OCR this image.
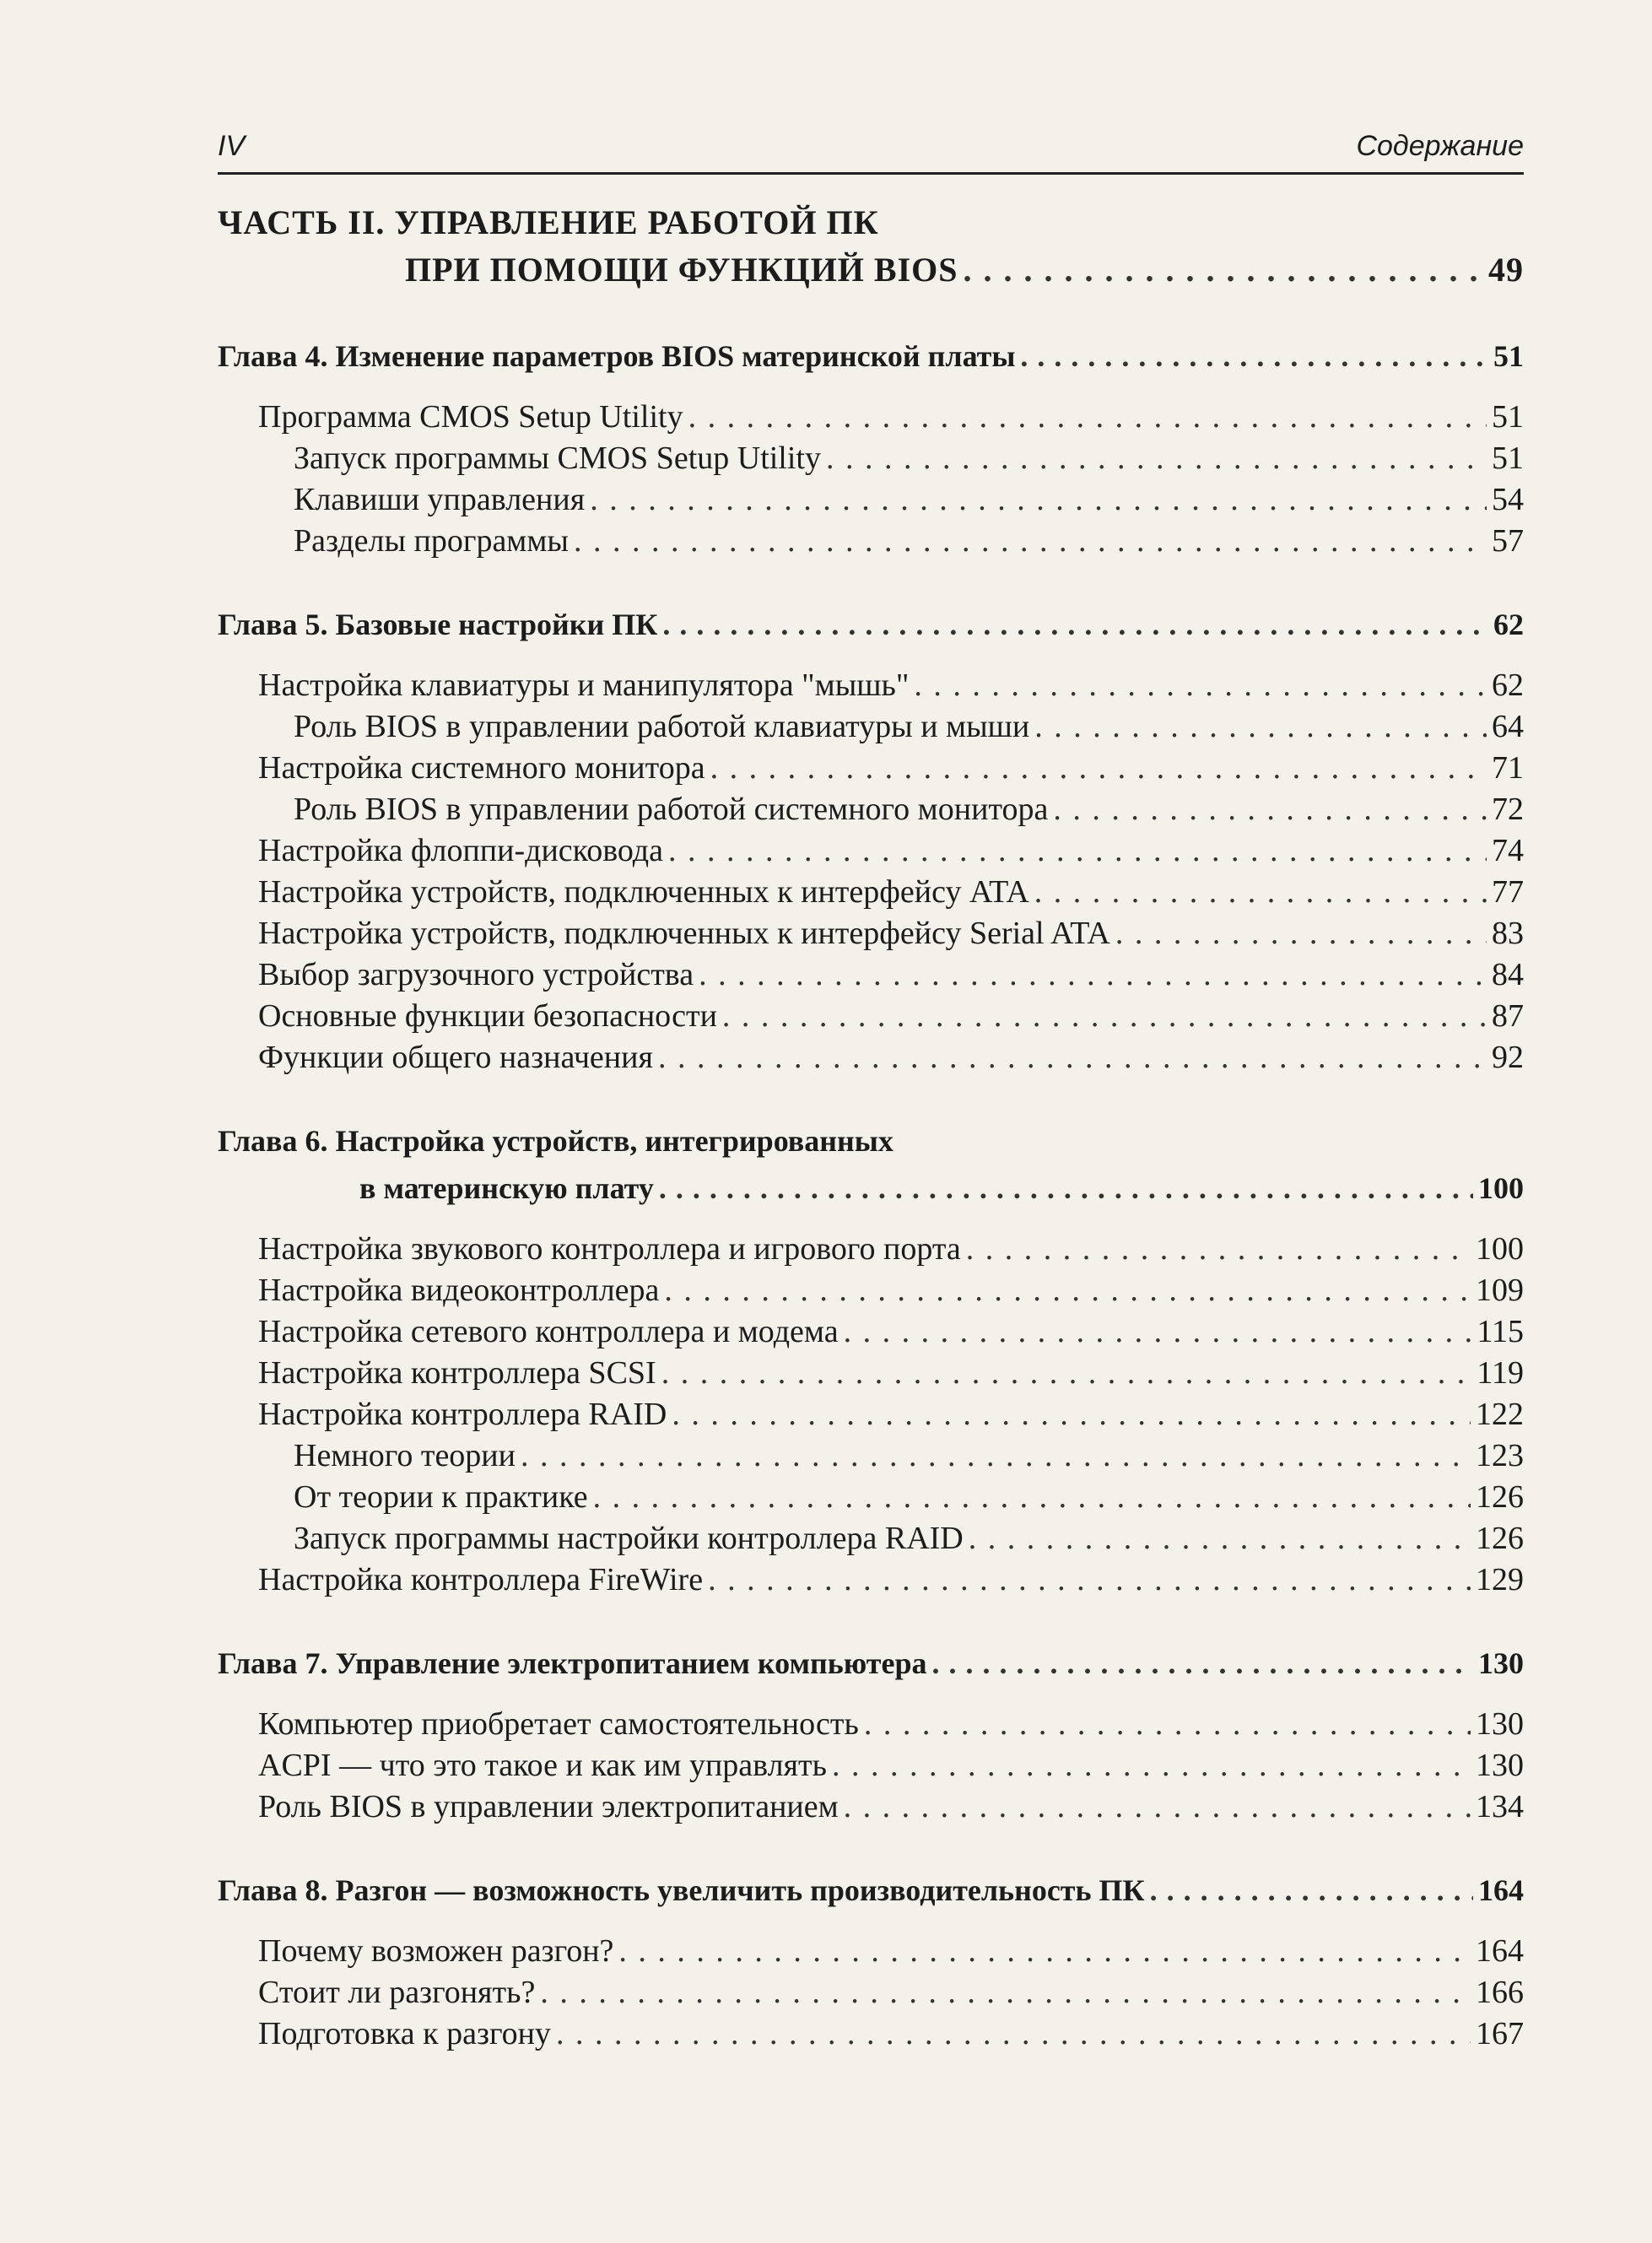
IV	Содержание
ЧАСТЬ II. УПРАВЛЕНИЕ РАБОТОЙ ПК
ПРИ ПОМОЩИ ФУНКЦИЙ BIOS . . .	49
Глава 4. Изменение параметров BIOS материнской платы . . .	51
Программа CMOS Setup Utility . . .	51
Запуск программы CMOS Setup Utility . . .	51
Клавиши управления . . .	54
Разделы программы . . .	57
Глава 5. Базовые настройки ПК . . .	62
Настройка клавиатуры и манипулятора "мышь" . . .	62
Роль BIOS в управлении работой клавиатуры и мыши . . .	64
Настройка системного монитора . . .	71
Роль BIOS в управлении работой системного монитора . . .	72
Настройка флоппи-дисковода . . .	74
Настройка устройств, подключенных к интерфейсу ATA . . .	77
Настройка устройств, подключенных к интерфейсу Serial ATA . . .	83
Выбор загрузочного устройства . . .	84
Основные функции безопасности . . .	87
Функции общего назначения . . .	92
Глава 6. Настройка устройств, интегрированных
в материнскую плату . . .	100
Настройка звукового контроллера и игрового порта . . .	100
Настройка видеоконтроллера . . .	109
Настройка сетевого контроллера и модема . . .	115
Настройка контроллера SCSI . . .	119
Настройка контроллера RAID . . .	122
Немного теории . . .	123
От теории к практике . . .	126
Запуск программы настройки контроллера RAID . . .	126
Настройка контроллера FireWire . . .	129
Глава 7. Управление электропитанием компьютера . . .	130
Компьютер приобретает самостоятельность . . .	130
ACPI — что это такое и как им управлять . . .	130
Роль BIOS в управлении электропитанием . . .	134
Глава 8. Разгон — возможность увеличить производительность ПК . . .	164
Почему возможен разгон? . . .	164
Стоит ли разгонять? . . .	166
Подготовка к разгону . . .	167
